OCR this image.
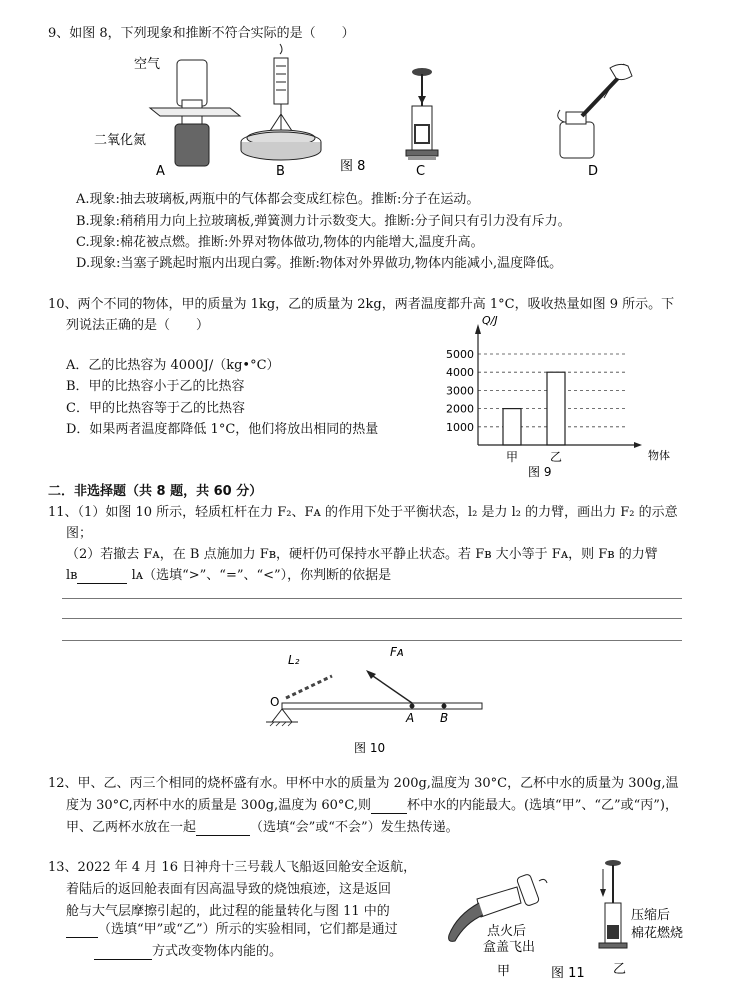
9、如图 8，下列现象和推断不符合实际的是（　　）
空气
二氧化氮
A	B	图 8	C	D
A.现象:抽去玻璃板,两瓶中的气体都会变成红棕色。推断:分子在运动。
B.现象:稍稍用力向上拉玻璃板,弹簧测力计示数变大。推断:分子间只有引力没有斥力。
C.现象:棉花被点燃。推断:外界对物体做功,物体的内能增大,温度升高。
D.现象:当塞子跳起时瓶内出现白雾。推断:物体对外界做功,物体内能减小,温度降低。
10、两个不同的物体，甲的质量为 1kg，乙的质量为 2kg，两者温度都升高 1°C，吸收热量如图 9 所示。下
列说法正确的是（　　）
A．乙的比热容为 4000J/（kg•°C）
B．甲的比热容小于乙的比热容
C．甲的比热容等于乙的比热容
D．如果两者温度都降低 1°C，他们将放出相同的热量	1000
2000
3000
4000
5000
甲	乙
Q/J
物体
图 9
二．非选择题（共 8 题，共 60 分）
11、（1）如图 10 所示，轻质杠杆在力 F₂、Fᴀ 的作用下处于平衡状态，l₂ 是力 l₂ 的力臂，画出力 F₂ 的示意
图；
（2）若撤去 Fᴀ，在 B 点施加力 Fʙ，硬杆仍可保持水平静止状态。若 Fʙ 大小等于 Fᴀ，则 Fʙ 的力臂
lʙ	lᴀ（选填“>”、“=”、“<”），你判断的依据是
L₂
Fᴀ
O
A B
图 10
12、甲、乙、丙三个相同的烧杯盛有水。甲杯中水的质量为 200g,温度为 30°C，乙杯中水的质量为 300g,温
度为 30°C,丙杯中水的质量是 300g,温度为 60°C,则	杯中水的内能最大。(选填“甲”、“乙”或“丙”)，
甲、乙两杯水放在一起	（选填“会”或“不会”）发生热传递。
13、2022 年 4 月 16 日神舟十三号载人飞船返回舱安全返航，
着陆后的返回舱表面有因高温导致的烧蚀痕迹，这是返回
舱与大气层摩擦引起的，此过程的能量转化与图 11 中的
（选填“甲”或“乙”）所示的实验相同，它们都是通过
方式改变物体内能的。
点火后
盒盖飞出
甲	图 11
压缩后
棉花燃烧
乙
